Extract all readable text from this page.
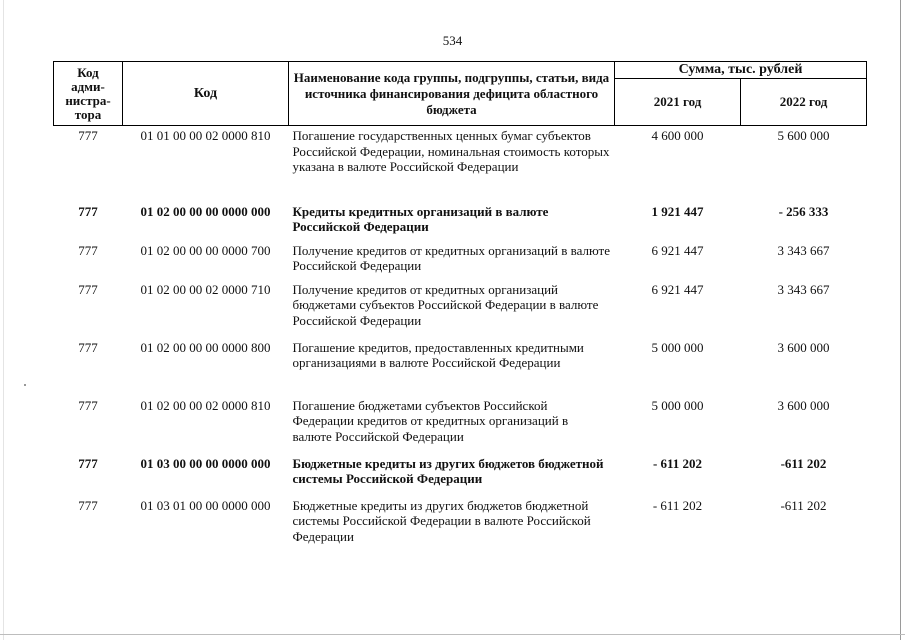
534
Код
адми-
нистра-
тора	Код	Наименование кода группы, подгруппы, статьи, вида источника финансирования дефицита областного бюджета	Сумма, тыс. рублей	
			2021 год	2022 год
777	01 01 00 00 02 0000 810	Погашение государственных ценных бумаг субъектов Российской Федерации, номинальная стоимость которых указана в валюте Российской Федерации	4 600 000	5 600 000
777	01 02 00 00 00 0000 000	Кредиты кредитных организаций в валюте Российской Федерации	1 921 447	- 256 333
777	01 02 00 00 00 0000 700	Получение кредитов от кредитных организаций в валюте Российской Федерации	6 921 447	3 343 667
777	01 02 00 00 02 0000 710	Получение кредитов от кредитных организаций бюджетами субъектов Российской Федерации в валюте Российской Федерации	6 921 447	3 343 667
777	01 02 00 00 00 0000 800	Погашение кредитов, предоставленных кредитными организациями в валюте Российской Федерации	5 000 000	3 600 000
777	01 02 00 00 02 0000 810	Погашение бюджетами субъектов Российской Федерации кредитов от кредитных организаций в валюте Российской Федерации	5 000 000	3 600 000
777	01 03 00 00 00 0000 000	Бюджетные кредиты из других бюджетов бюджетной системы Российской Федерации	- 611 202	-611 202
777	01 03 01 00 00 0000 000	Бюджетные кредиты из других бюджетов бюджетной системы Российской Федерации в валюте Российской Федерации	- 611 202	-611 202
